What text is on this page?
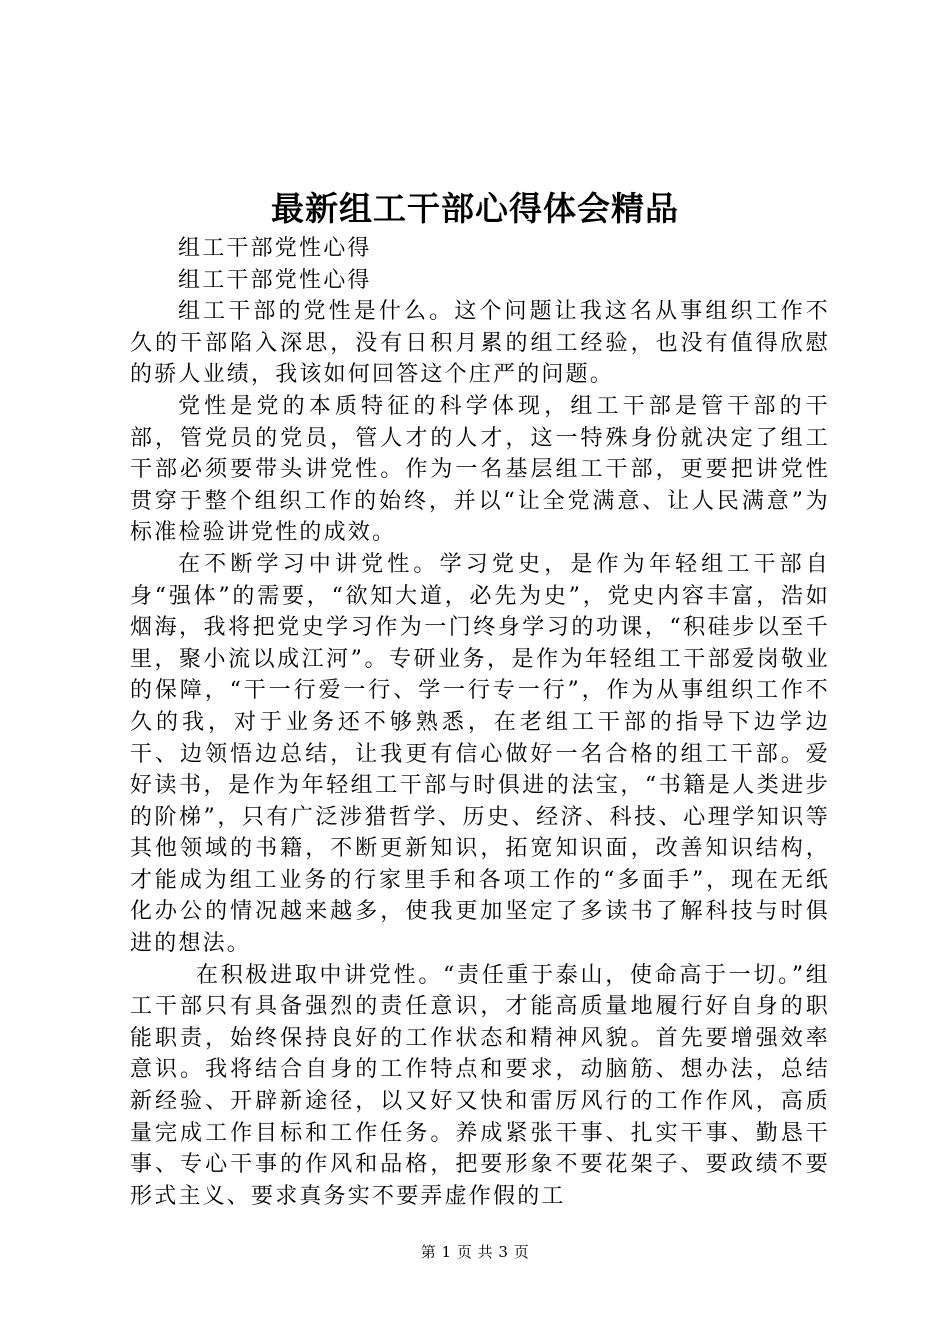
最新组工干部心得体会精品

组工干部党性心得

组工干部党性心得

组工干部的党性是什么。这个问题让我这名从事组织工作不久的干部陷入深思，没有日积月累的组工经验，也没有值得欣慰的骄人业绩，我该如何回答这个庄严的问题。

党性是党的本质特征的科学体现，组工干部是管干部的干部，管党员的党员，管人才的人才，这一特殊身份就决定了组工干部必须要带头讲党性。作为一名基层组工干部，更要把讲党性贯穿于整个组织工作的始终，并以“让全党满意、让人民满意”为标准检验讲党性的成效。

在不断学习中讲党性。学习党史，是作为年轻组工干部自身“强体”的需要，“欲知大道，必先为史”，党史内容丰富，浩如烟海，我将把党史学习作为一门终身学习的功课，“积硅步以至千里，聚小流以成江河”。专研业务，是作为年轻组工干部爱岗敬业的保障，“干一行爱一行、学一行专一行”，作为从事组织工作不久的我，对于业务还不够熟悉，在老组工干部的指导下边学边干、边领悟边总结，让我更有信心做好一名合格的组工干部。爱好读书，是作为年轻组工干部与时俱进的法宝，“书籍是人类进步的阶梯”，只有广泛涉猎哲学、历史、经济、科技、心理学知识等其他领域的书籍，不断更新知识，拓宽知识面，改善知识结构，才能成为组工业务的行家里手和各项工作的“多面手”，现在无纸化办公的情况越来越多，使我更加坚定了多读书了解科技与时俱进的想法。

在积极进取中讲党性。“责任重于泰山，使命高于一切。”组工干部只有具备强烈的责任意识，才能高质量地履行好自身的职能职责，始终保持良好的工作状态和精神风貌。首先要增强效率意识。我将结合自身的工作特点和要求，动脑筋、想办法，总结新经验、开辟新途径，以又好又快和雷厉风行的工作作风，高质量完成工作目标和工作任务。养成紧张干事、扎实干事、勤恳干事、专心干事的作风和品格，把要形象不要花架子、要政绩不要形式主义、要求真务实不要弄虚作假的工

第 1 页 共 3 页
